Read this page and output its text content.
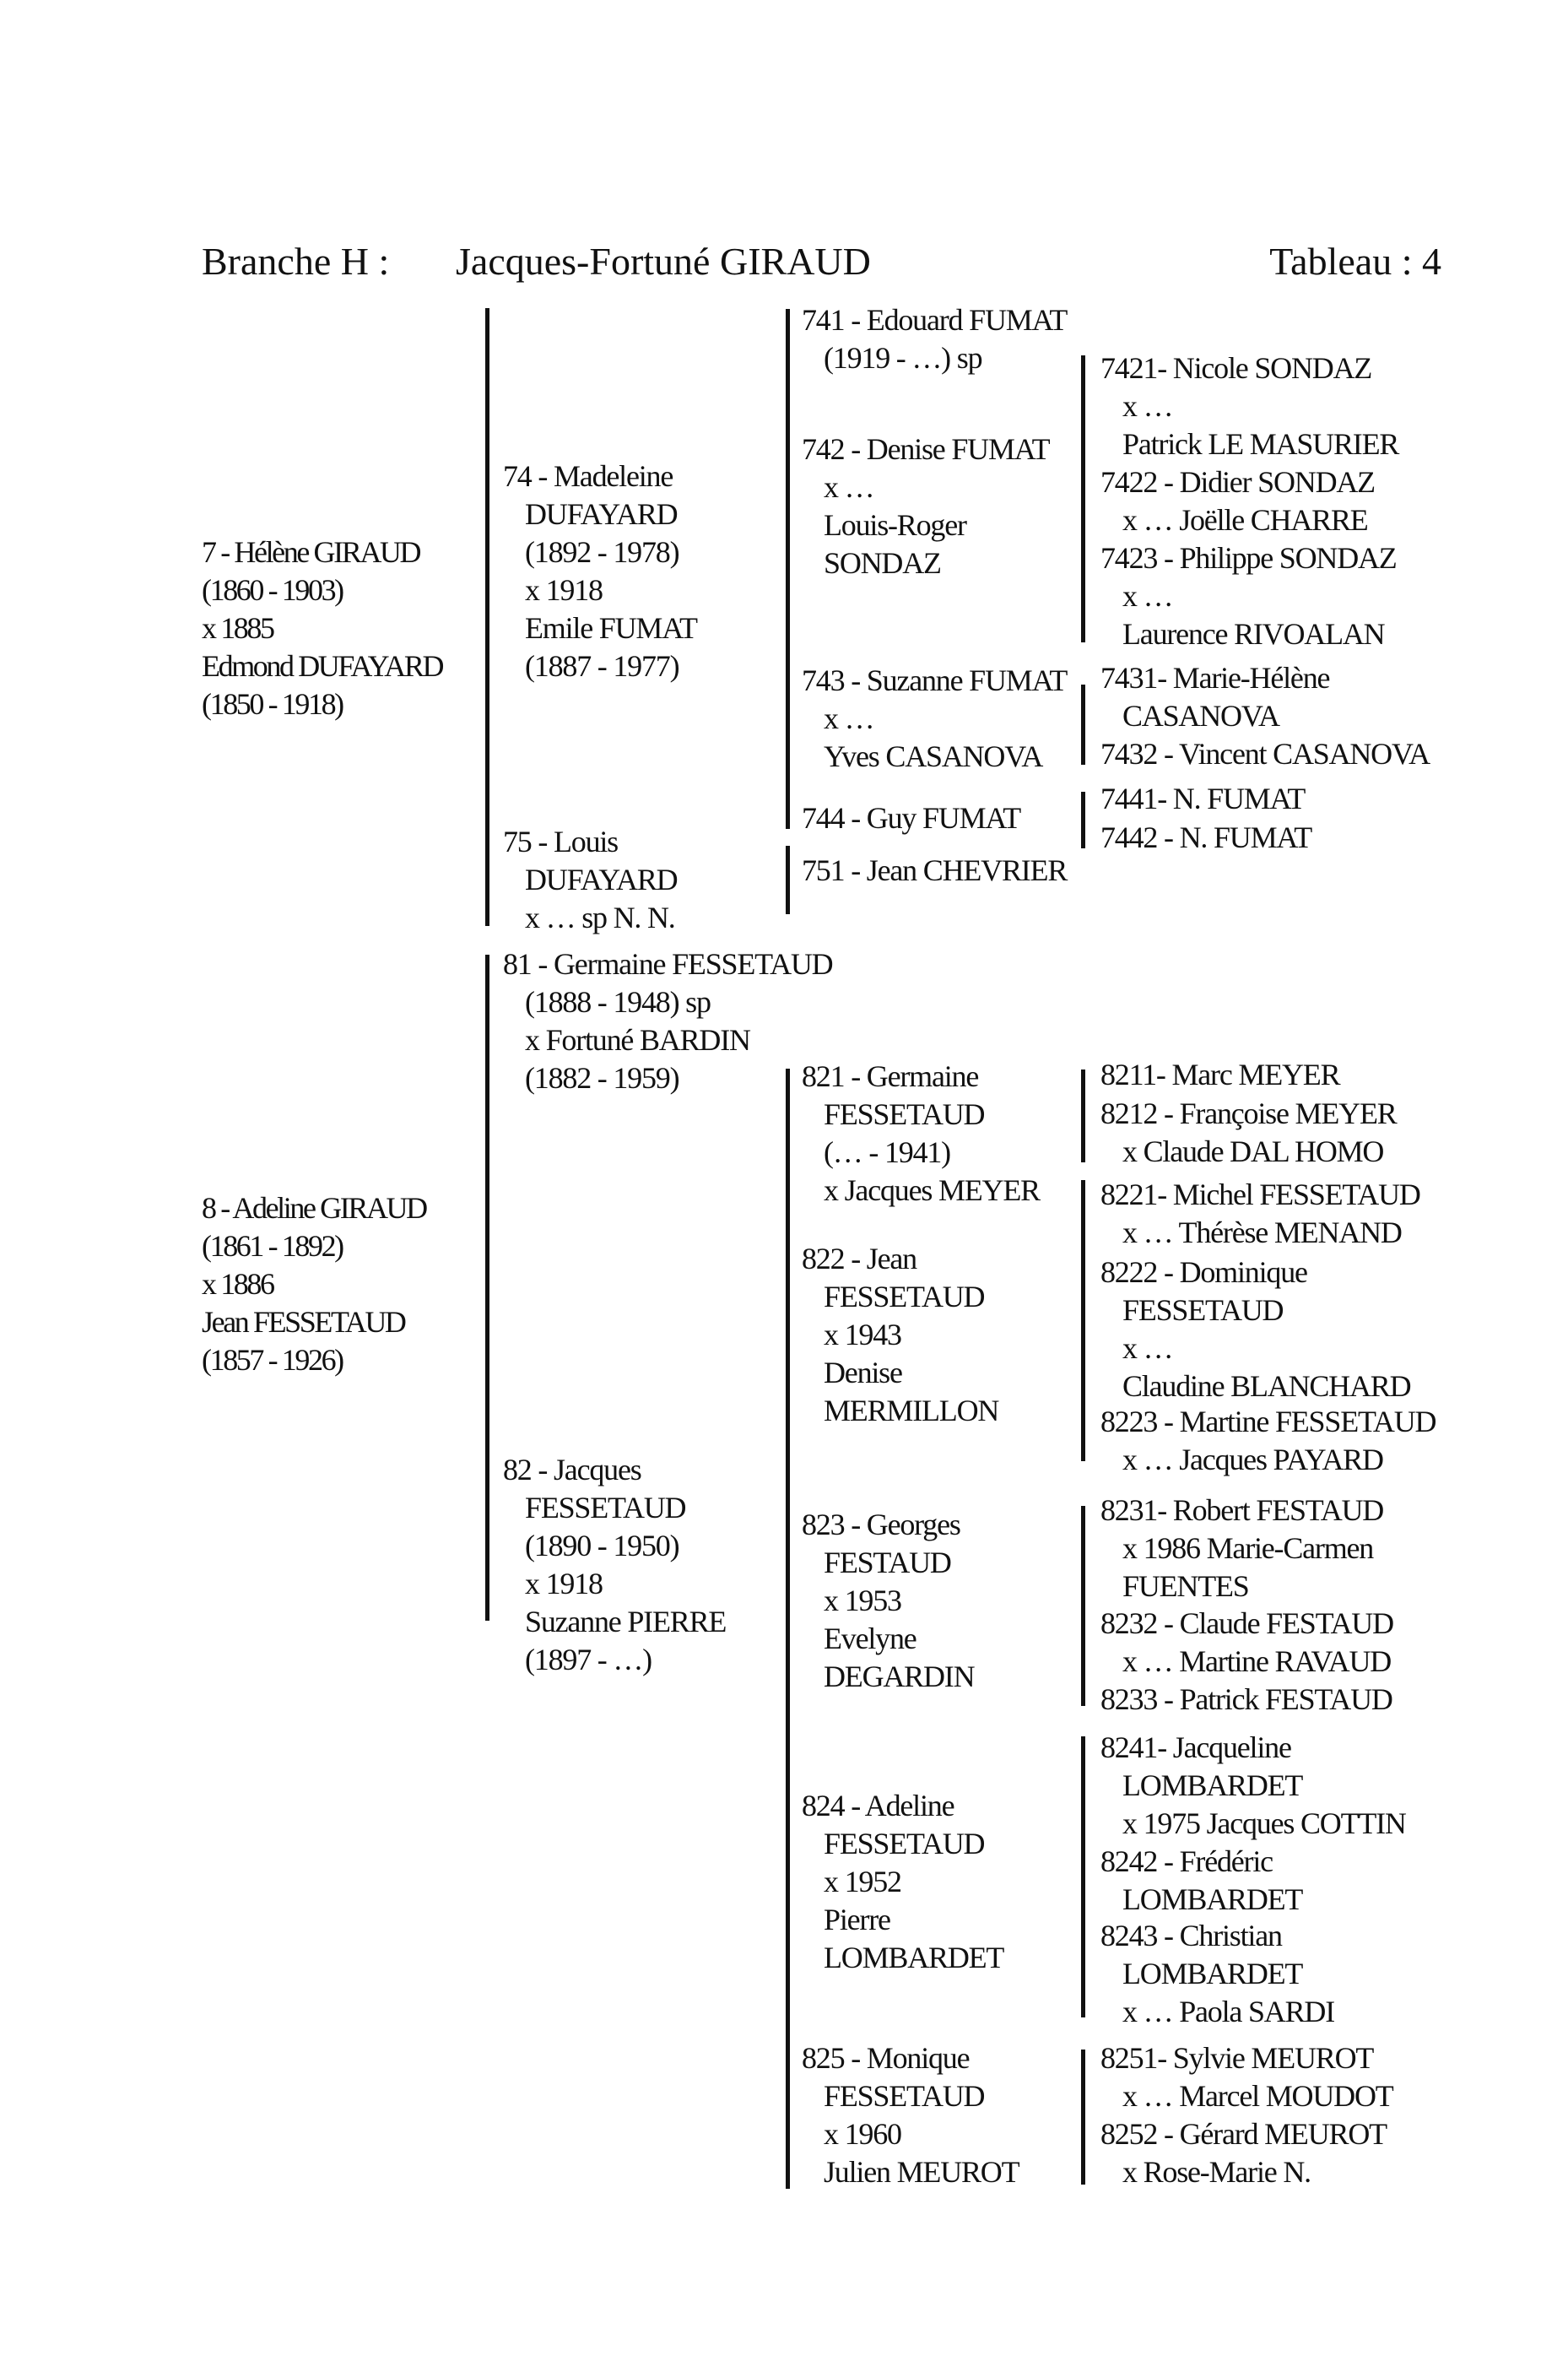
Branche H : Jacques-Fortuné GIRAUD	Tableau : 4
7 - Hélène GIRAUD
(1860 - 1903)
x 1885
Edmond DUFAYARD
(1850 - 1918)
8 - Adeline GIRAUD
(1861 - 1892)
x 1886
Jean FESSETAUD
(1857 - 1926)
74 - Madeleine
DUFAYARD
(1892 - 1978)
x 1918
Emile FUMAT
(1887 - 1977)
75 - Louis
DUFAYARD
x … sp N. N.
81 - Germaine FESSETAUD
(1888 - 1948) sp
x Fortuné BARDIN
(1882 - 1959)
82 - Jacques
FESSETAUD
(1890 - 1950)
x 1918
Suzanne PIERRE
(1897 - …)
741 - Edouard FUMAT
(1919 - …) sp
742 - Denise FUMAT
x …
Louis-Roger
SONDAZ
743 - Suzanne FUMAT
x …
Yves CASANOVA
744 - Guy FUMAT
751 - Jean CHEVRIER
821 - Germaine
FESSETAUD
(… - 1941)
x Jacques MEYER
822 - Jean
FESSETAUD
x 1943
Denise
MERMILLON
823 - Georges
FESTAUD
x 1953
Evelyne
DEGARDIN
824 - Adeline
FESSETAUD
x 1952
Pierre
LOMBARDET
825 - Monique
FESSETAUD
x 1960
Julien MEUROT
7421- Nicole SONDAZ
x …
Patrick LE MASURIER
7422 - Didier SONDAZ
x … Joëlle CHARRE
7423 - Philippe SONDAZ
x …
Laurence RIVOALAN
7431- Marie-Hélène
CASANOVA
7432 - Vincent CASANOVA
7441- N. FUMAT
7442 - N. FUMAT
8211- Marc MEYER
8212 - Françoise MEYER
x Claude DAL HOMO
8221- Michel FESSETAUD
x … Thérèse MENAND
8222 - Dominique
FESSETAUD
x …
Claudine BLANCHARD
8223 - Martine FESSETAUD
x … Jacques PAYARD
8231- Robert FESTAUD
x 1986 Marie-Carmen
FUENTES
8232 - Claude FESTAUD
x … Martine RAVAUD
8233 - Patrick FESTAUD
8241- Jacqueline
LOMBARDET
x 1975 Jacques COTTIN
8242 - Frédéric
LOMBARDET
8243 - Christian
LOMBARDET
x … Paola SARDI
8251- Sylvie MEUROT
x … Marcel MOUDOT
8252 - Gérard MEUROT
x Rose-Marie N.
